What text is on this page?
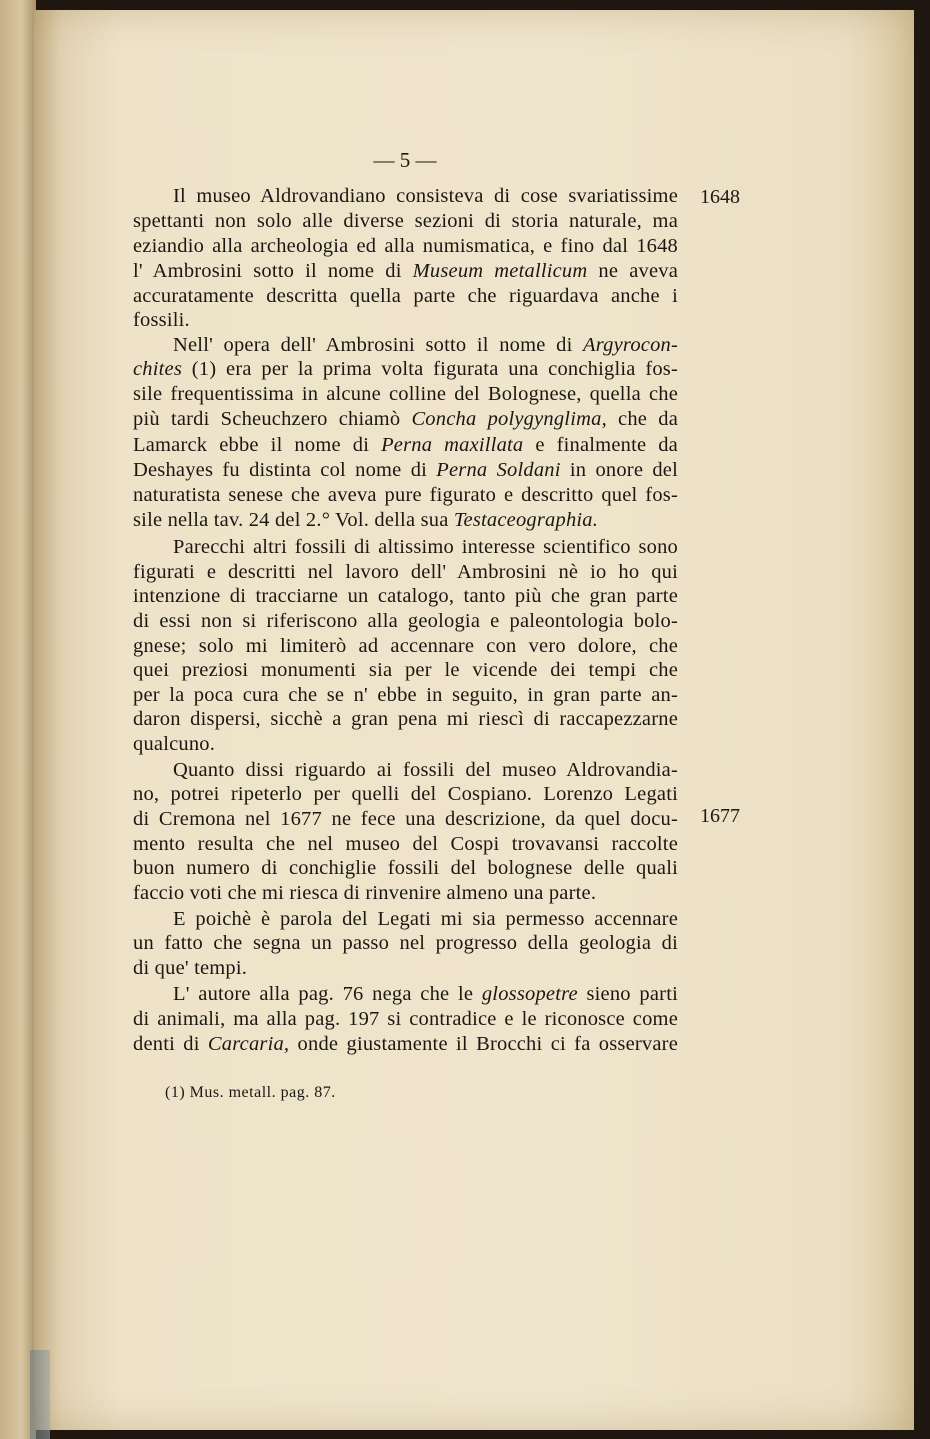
— 5 —
1648
1677
Il museo Aldrovandiano consisteva di cose svariatissime
spettanti non solo alle diverse sezioni di storia naturale, ma
eziandio alla archeologia ed alla numismatica, e fino dal 1648
l' Ambrosini sotto il nome di Museum metallicum ne aveva
accuratamente descritta quella parte che riguardava anche i
fossili.
Nell' opera dell' Ambrosini sotto il nome di Argyrocon-
chites (1) era per la prima volta figurata una conchiglia fos-
sile frequentissima in alcune colline del Bolognese, quella che
più tardi Scheuchzero chiamò Concha polygynglima, che da
Lamarck ebbe il nome di Perna maxillata e finalmente da
Deshayes fu distinta col nome di Perna Soldani in onore del
naturatista senese che aveva pure figurato e descritto quel fos-
sile nella tav. 24 del 2.° Vol. della sua Testaceographia.
Parecchi altri fossili di altissimo interesse scientifico sono
figurati e descritti nel lavoro dell' Ambrosini nè io ho qui
intenzione di tracciarne un catalogo, tanto più che gran parte
di essi non si riferiscono alla geologia e paleontologia bolo-
gnese; solo mi limiterò ad accennare con vero dolore, che
quei preziosi monumenti sia per le vicende dei tempi che
per la poca cura che se n' ebbe in seguito, in gran parte an-
daron dispersi, sicchè a gran pena mi riescì di raccapezzarne
qualcuno.
Quanto dissi riguardo ai fossili del museo Aldrovandia-
no, potrei ripeterlo per quelli del Cospiano. Lorenzo Legati
di Cremona nel 1677 ne fece una descrizione, da quel docu-
mento resulta che nel museo del Cospi trovavansi raccolte
buon numero di conchiglie fossili del bolognese delle quali
faccio voti che mi riesca di rinvenire almeno una parte.
E poichè è parola del Legati mi sia permesso accennare
un fatto che segna un passo nel progresso della geologia di
di que' tempi.
L' autore alla pag. 76 nega che le glossopetre sieno parti
di animali, ma alla pag. 197 si contradice e le riconosce come
denti di Carcaria, onde giustamente il Brocchi ci fa osservare
(1) Mus. metall. pag. 87.
